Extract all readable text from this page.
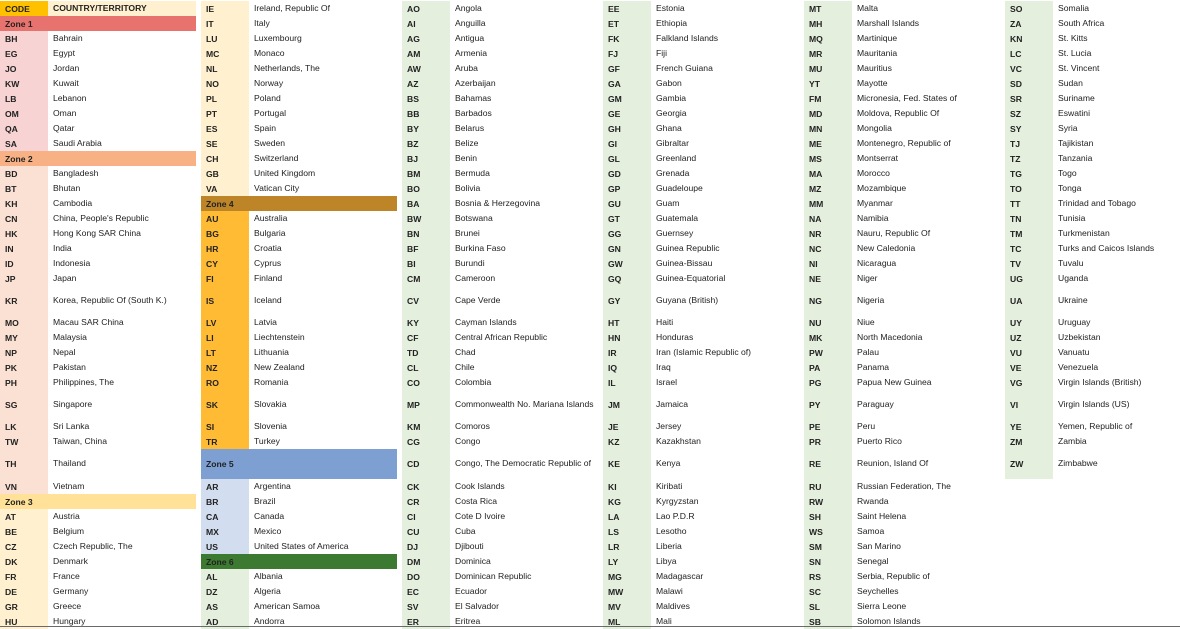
CODE	COUNTRY/TERRITORY
Zone 1
BH	Bahrain
EG	Egypt
JO	Jordan
KW	Kuwait
LB	Lebanon
OM	Oman
QA	Qatar
SA	Saudi Arabia
Zone 2
BD	Bangladesh
BT	Bhutan
KH	Cambodia
CN	China, People's Republic
HK	Hong Kong SAR China
IN	India
ID	Indonesia
JP	Japan
KR	Korea, Republic Of (South K.)
MO	Macau SAR China
MY	Malaysia
NP	Nepal
PK	Pakistan
PH	Philippines, The
SG	Singapore
LK	Sri Lanka
TW	Taiwan, China
TH	Thailand
VN	Vietnam
Zone 3
AT	Austria
BE	Belgium
CZ	Czech Republic, The
DK	Denmark
FR	France
DE	Germany
GR	Greece
HU	Hungary
IE	Ireland, Republic Of
IT	Italy
LU	Luxembourg
MC	Monaco
NL	Netherlands, The
NO	Norway
PL	Poland
PT	Portugal
ES	Spain
SE	Sweden
CH	Switzerland
GB	United Kingdom
VA	Vatican City
Zone 4
AU	Australia
BG	Bulgaria
HR	Croatia
CY	Cyprus
FI	Finland
IS	Iceland
LV	Latvia
LI	Liechtenstein
LT	Lithuania
NZ	New Zealand
RO	Romania
SK	Slovakia
SI	Slovenia
TR	Turkey
Zone 5
AR	Argentina
BR	Brazil
CA	Canada
MX	Mexico
US	United States of America
Zone 6
AL	Albania
DZ	Algeria
AS	American Samoa
AD	Andorra
AO	Angola
AI	Anguilla
AG	Antigua
AM	Armenia
AW	Aruba
AZ	Azerbaijan
BS	Bahamas
BB	Barbados
BY	Belarus
BZ	Belize
BJ	Benin
BM	Bermuda
BO	Bolivia
BA	Bosnia & Herzegovina
BW	Botswana
BN	Brunei
BF	Burkina Faso
BI	Burundi
CM	Cameroon
CV	Cape Verde
KY	Cayman Islands
CF	Central African Republic
TD	Chad
CL	Chile
CO	Colombia
MP	Commonwealth No. Mariana Islands
KM	Comoros
CG	Congo
CD	Congo, The Democratic Republic of
CK	Cook Islands
CR	Costa Rica
CI	Cote D Ivoire
CU	Cuba
DJ	Djibouti
DM	Dominica
DO	Dominican Republic
EC	Ecuador
SV	El Salvador
ER	Eritrea
EE	Estonia
ET	Ethiopia
FK	Falkland Islands
FJ	Fiji
GF	French Guiana
GA	Gabon
GM	Gambia
GE	Georgia
GH	Ghana
GI	Gibraltar
GL	Greenland
GD	Grenada
GP	Guadeloupe
GU	Guam
GT	Guatemala
GG	Guernsey
GN	Guinea Republic
GW	Guinea-Bissau
GQ	Guinea-Equatorial
GY	Guyana (British)
HT	Haiti
HN	Honduras
IR	Iran (Islamic Republic of)
IQ	Iraq
IL	Israel
JM	Jamaica
JE	Jersey
KZ	Kazakhstan
KE	Kenya
KI	Kiribati
KG	Kyrgyzstan
LA	Lao P.D.R
LS	Lesotho
LR	Liberia
LY	Libya
MG	Madagascar
MW	Malawi
MV	Maldives
ML	Mali
MT	Malta
MH	Marshall Islands
MQ	Martinique
MR	Mauritania
MU	Mauritius
YT	Mayotte
FM	Micronesia, Fed. States of
MD	Moldova, Republic Of
MN	Mongolia
ME	Montenegro, Republic of
MS	Montserrat
MA	Morocco
MZ	Mozambique
MM	Myanmar
NA	Namibia
NR	Nauru, Republic Of
NC	New Caledonia
NI	Nicaragua
NE	Niger
NG	Nigeria
NU	Niue
MK	North Macedonia
PW	Palau
PA	Panama
PG	Papua New Guinea
PY	Paraguay
PE	Peru
PR	Puerto Rico
RE	Reunion, Island Of
RU	Russian Federation, The
RW	Rwanda
SH	Saint Helena
WS	Samoa
SM	San Marino
SN	Senegal
RS	Serbia, Republic of
SC	Seychelles
SL	Sierra Leone
SB	Solomon Islands
SO	Somalia
ZA	South Africa
KN	St. Kitts
LC	St. Lucia
VC	St. Vincent
SD	Sudan
SR	Suriname
SZ	Eswatini
SY	Syria
TJ	Tajikistan
TZ	Tanzania
TG	Togo
TO	Tonga
TT	Trinidad and Tobago
TN	Tunisia
TM	Turkmenistan
TC	Turks and Caicos Islands
TV	Tuvalu
UG	Uganda
UA	Ukraine
UY	Uruguay
UZ	Uzbekistan
VU	Vanuatu
VE	Venezuela
VG	Virgin Islands (British)
VI	Virgin Islands (US)
YE	Yemen, Republic of
ZM	Zambia
ZW	Zimbabwe
